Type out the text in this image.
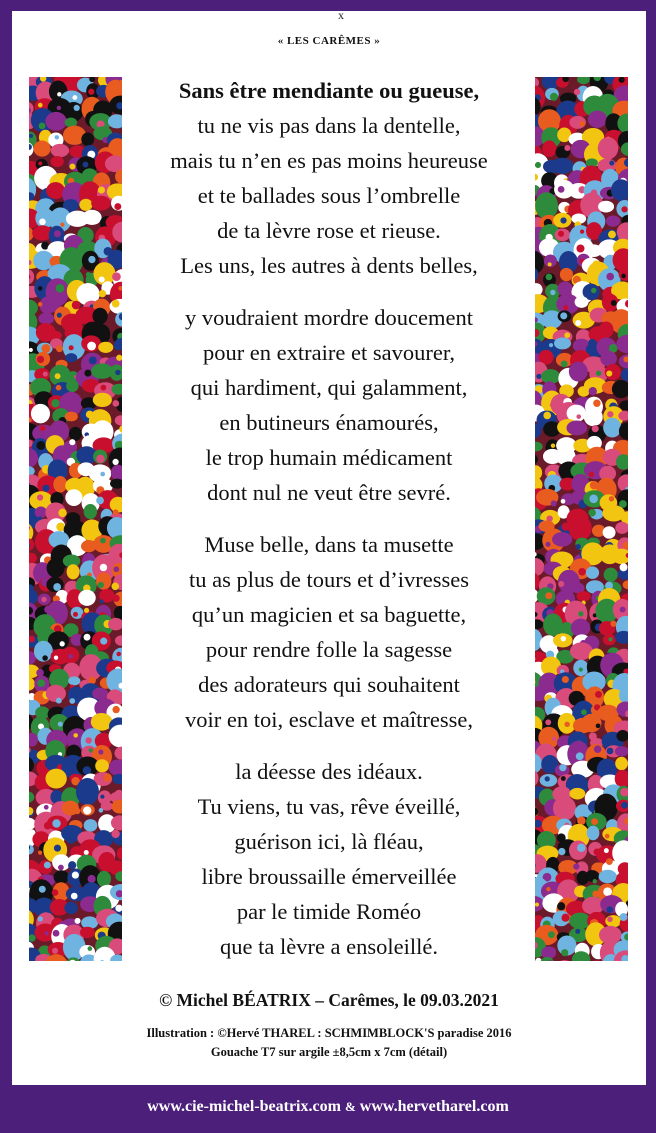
x
« LES CARÊMES »
Sans être mendiante ou gueuse,
tu ne vis pas dans la dentelle,
mais tu n’en es pas moins heureuse
et te ballades sous l’ombrelle
de ta lèvre rose et rieuse.
Les uns, les autres à dents belles,
y voudraient mordre doucement
pour en extraire et savourer,
qui hardiment, qui galamment,
en butineurs énamourés,
le trop humain médicament
dont nul ne veut être sevré.
Muse belle, dans ta musette
tu as plus de tours et d’ivresses
qu’un magicien et sa baguette,
pour rendre folle la sagesse
des adorateurs qui souhaitent
voir en toi, esclave et maîtresse,
la déesse des idéaux.
Tu viens, tu vas, rêve éveillé,
guérison ici, là fléau,
libre broussaille émerveillée
par le timide Roméo
que ta lèvre a ensoleillé.
© Michel BÉATRIX – Carêmes, le 09.03.2021
Illustration : ©Hervé THAREL : SCHMIMBLOCK'S paradise 2016
Gouache T7 sur argile ±8,5cm x 7cm (détail)
www.cie-michel-beatrix.com & www.hervetharel.com
